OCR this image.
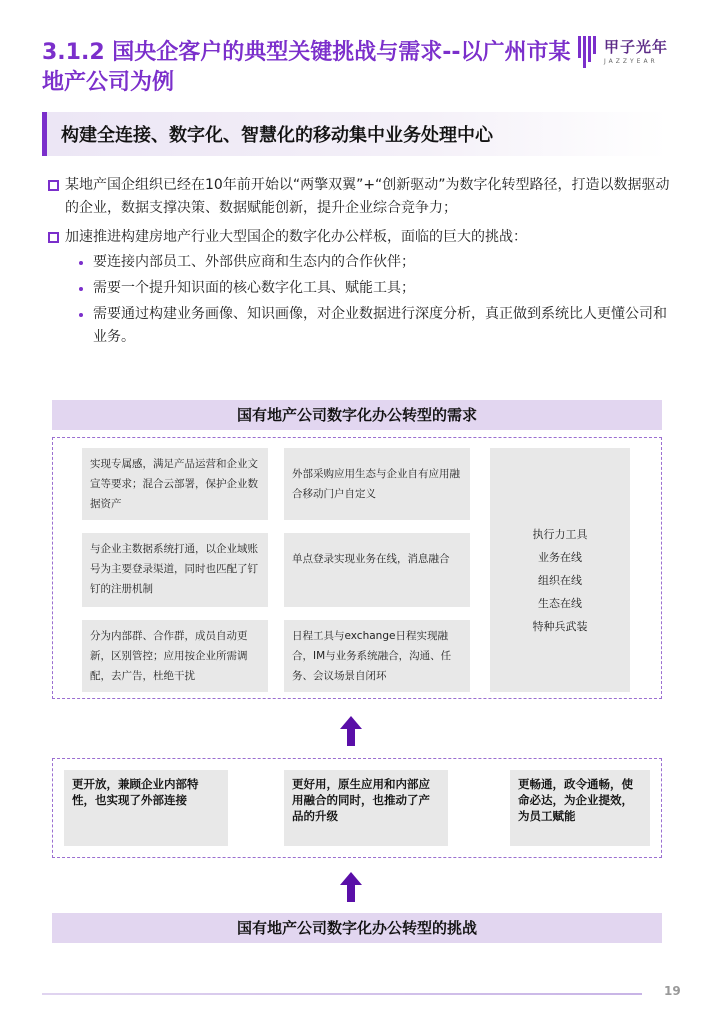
3.1.2 国央企客户的典型关键挑战与需求--以广州市某地产公司为例
甲子光年
JAZZYEAR
构建全连接、数字化、智慧化的移动集中业务处理中心
某地产国企组织已经在10年前开始以“两擎双翼”+“创新驱动”为数字化转型路径，打造以数据驱动的企业，数据支撑决策、数据赋能创新，提升企业综合竞争力；
加速推进构建房地产行业大型国企的数字化办公样板，面临的巨大的挑战：
要连接内部员工、外部供应商和生态内的合作伙伴；
需要一个提升知识面的核心数字化工具、赋能工具；
需要通过构建业务画像、知识画像，对企业数据进行深度分析，真正做到系统比人更懂公司和业务。
国有地产公司数字化办公转型的需求
实现专属感，满足产品运营和企业文宣等要求；混合云部署，保护企业数据资产
外部采购应用生态与企业自有应用融合移动门户自定义
与企业主数据系统打通，以企业域账号为主要登录渠道，同时也匹配了钉钉的注册机制
单点登录实现业务在线，消息融合
分为内部群、合作群，成员自动更新，区别管控；应用按企业所需调配，去广告，杜绝干扰
日程工具与exchange日程实现融合，IM与业务系统融合，沟通、任务、会议场景自闭环
执行力工具
业务在线
组织在线
生态在线
特种兵武装
更开放，兼顾企业内部特性，也实现了外部连接
更好用，原生应用和内部应用融合的同时，也推动了产品的升级
更畅通，政令通畅，使命必达，为企业提效，为员工赋能
国有地产公司数字化办公转型的挑战
19
